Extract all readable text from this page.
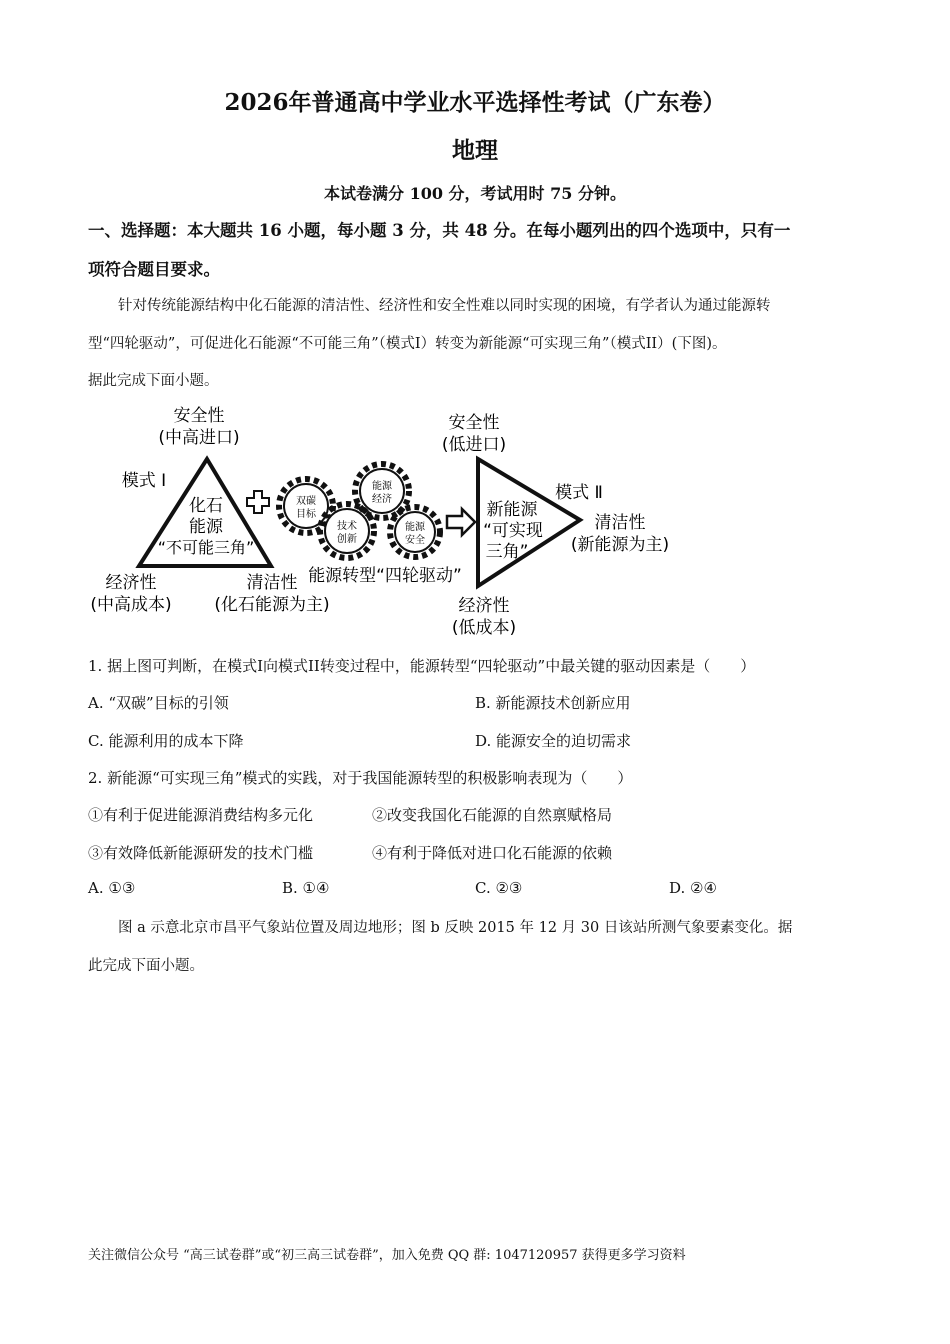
2026年普通高中学业水平选择性考试（广东卷）
地理
本试卷满分 100 分，考试用时 75 分钟。
一、选择题：本大题共 16 小题，每小题 3 分，共 48 分。在每小题列出的四个选项中，只有一
项符合题目要求。
针对传统能源结构中化石能源的清洁性、经济性和安全性难以同时实现的困境，有学者认为通过能源转
型“四轮驱动”，可促进化石能源“不可能三角”（模式I）转变为新能源“可实现三角”（模式II）(下图)。
据此完成下面小题。
安全性
(中高进口)
模式 I
化石
能源
“不可能三角”
经济性
(中高成本)
清洁性
(化石能源为主)
双碳
目标
能源
经济
技术
创新
能源
安全
能源转型“四轮驱动”
安全性
(低进口)
模式 Ⅱ
新能源
“可实现
三角”
清洁性
(新能源为主)
经济性
(低成本)
1. 据上图可判断，在模式I向模式II转变过程中，能源转型“四轮驱动”中最关键的驱动因素是（　　）
A. “双碳”目标的引领	B. 新能源技术创新应用
C. 能源利用的成本下降	D. 能源安全的迫切需求
2. 新能源“可实现三角”模式的实践，对于我国能源转型的积极影响表现为（　　）
①有利于促进能源消费结构多元化	②改变我国化石能源的自然禀赋格局
③有效降低新能源研发的技术门槛	④有利于降低对进口化石能源的依赖
A. ①③	B. ①④	C. ②③	D. ②④
图 a 示意北京市昌平气象站位置及周边地形；图 b 反映 2015 年 12 月 30 日该站所测气象要素变化。据
此完成下面小题。
关注微信公众号 “高三试卷群”或“初三高三试卷群”，加入免费 QQ 群: 1047120957 获得更多学习资料
